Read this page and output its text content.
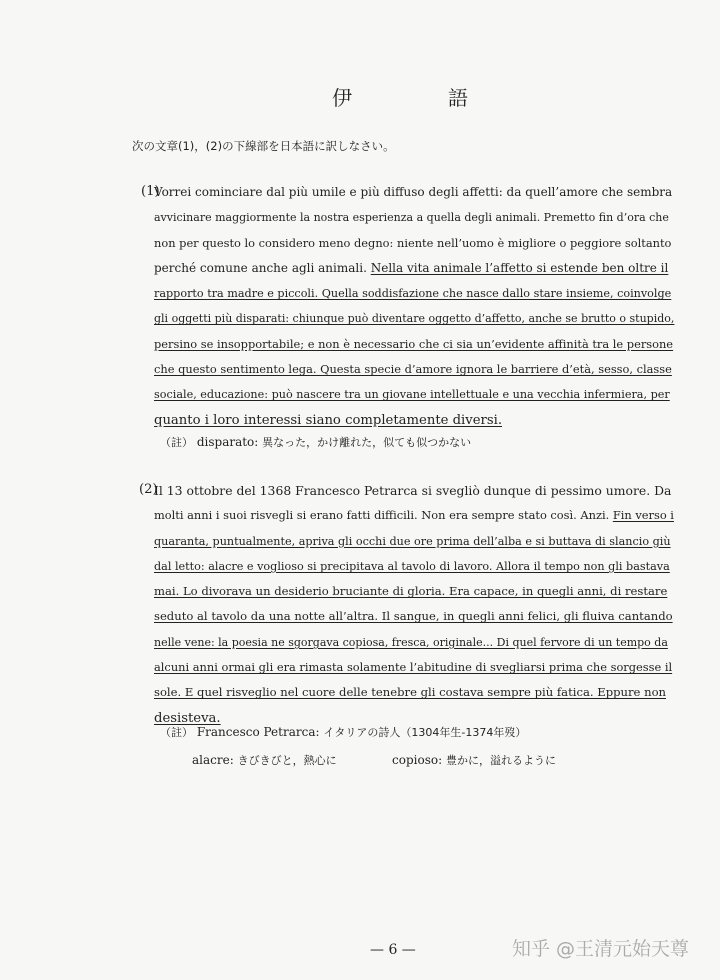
伊	語
次の文章(1)，(2)の下線部を日本語に訳しなさい。
(1)

Vorrei cominciare dal più umile e più diffuso degli affetti: da quell’amore che sembra

avvicinare maggiormente la nostra esperienza a quella degli animali. Premetto fin d’ora che

non per questo lo considero meno degno: niente nell’uomo è migliore o peggiore soltanto

perché comune anche agli animali. Nella vita animale l’affetto si estende ben oltre il

rapporto tra madre e piccoli. Quella soddisfazione che nasce dallo stare insieme, coinvolge

gli oggetti più disparati: chiunque può diventare oggetto d’affetto, anche se brutto o stupido,

persino se insopportabile; e non è necessario che ci sia un’evidente affinità tra le persone

che questo sentimento lega. Questa specie d’amore ignora le barriere d’età, sesso, classe

sociale, educazione: può nascere tra un giovane intellettuale e una vecchia infermiera, per

quanto i loro interessi siano completamente diversi.

（註） disparato: 異なった，かけ離れた，似ても似つかない
(2)

Il 13 ottobre del 1368 Francesco Petrarca si svegliò dunque di pessimo umore. Da

molti anni i suoi risvegli si erano fatti difficili. Non era sempre stato così. Anzi. Fin verso i

quaranta, puntualmente, apriva gli occhi due ore prima dell’alba e si buttava di slancio giù

dal letto: alacre e voglioso si precipitava al tavolo di lavoro. Allora il tempo non gli bastava

mai. Lo divorava un desiderio bruciante di gloria. Era capace, in quegli anni, di restare

seduto al tavolo da una notte all’altra. Il sangue, in quegli anni felici, gli fluiva cantando

nelle vene: la poesia ne sgorgava copiosa, fresca, originale... Di quel fervore di un tempo da

alcuni anni ormai gli era rimasta solamente l’abitudine di svegliarsi prima che sorgesse il

sole. E quel risveglio nel cuore delle tenebre gli costava sempre più fatica. Eppure non

desisteva.

（註） Francesco Petrarca: イタリアの詩人（1304年生-1374年歿）
alacre: きびきびと，熱心に	copioso: 豊かに，溢れるように
— 6 —	知乎 @王清元始天尊
